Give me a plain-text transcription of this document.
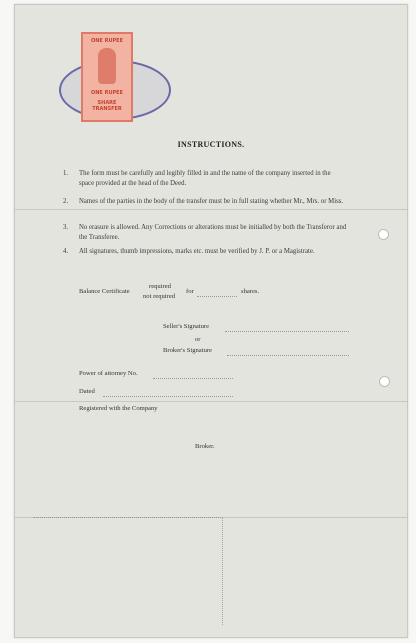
ONE RUPEE
ONE RUPEE
SHARE
TRANSFER
INSTRUCTIONS.
1. The form must be carefully and legibly filled in and the name of the company inserted in the space provided at the head of the Deed.
2. Names of the parties in the body of the transfer must be in full stating whether Mr., Mrs. or Miss.
3. No erasure is allowed. Any Corrections or alterations must be initialled by both the Transferor and the Transferee.
4. All signatures, thumb impressions, marks etc. must be verified by J. P. or a Magistrate.
Balance Certificate
required
not required
for	shares.
Seller's Signature
or
Broker's Signature
Power of attorney No.
Dated
Registered with the Company
Broker.
